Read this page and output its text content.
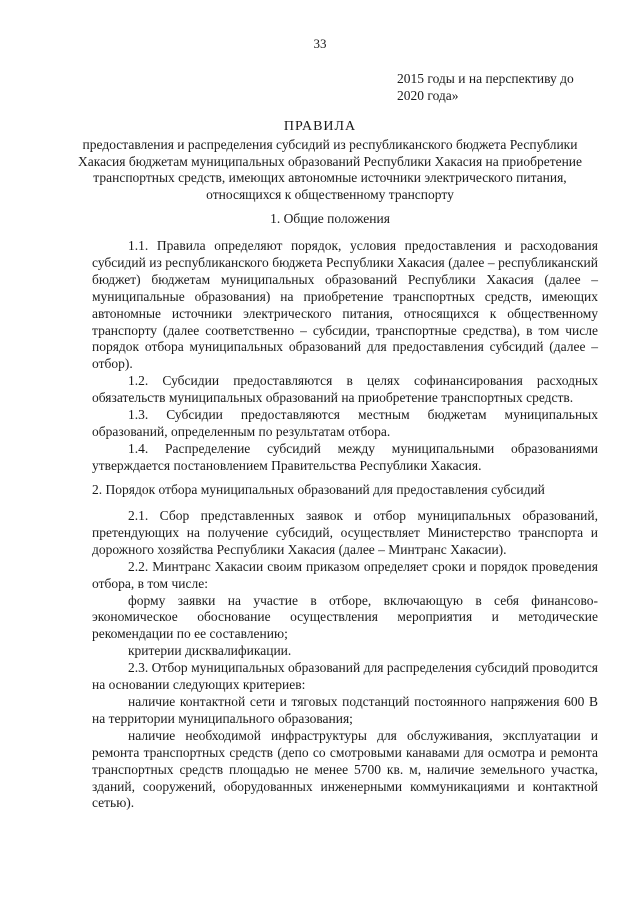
33
2015 годы и на перспективу до
2020 года»
ПРАВИЛА
предоставления и распределения субсидий из республиканского бюджета Республики Хакасия бюджетам муниципальных образований Республики Хакасия на приобретение транспортных средств, имеющих автономные источники электрического питания, относящихся к общественному транспорту
1. Общие положения

1.1. Правила определяют порядок, условия предоставления и расходования субсидий из республиканского бюджета Республики Хакасия (далее – республиканский бюджет) бюджетам муниципальных образований Республики Хакасия (далее – муниципальные образования) на приобретение транспортных средств, имеющих автономные источники электрического питания, относящихся к общественному транспорту (далее соответственно – субсидии, транспортные средства), в том числе порядок отбора муниципальных образований для предоставления субсидий (далее – отбор).

1.2. Субсидии предоставляются в целях софинансирования расходных обязательств муниципальных образований на приобретение транспортных средств.

1.3. Субсидии предоставляются местным бюджетам муниципальных образований, определенным по результатам отбора.

1.4. Распределение субсидий между муниципальными образованиями утверждается постановлением Правительства Республики Хакасия.

2. Порядок отбора муниципальных образований для предоставления субсидий

2.1. Сбор представленных заявок и отбор муниципальных образований, претендующих на получение субсидий, осуществляет Министерство транспорта и дорожного хозяйства Республики Хакасия (далее – Минтранс Хакасии).

2.2. Минтранс Хакасии своим приказом определяет сроки и порядок проведения отбора, в том числе:

форму заявки на участие в отборе, включающую в себя финансово-экономическое обоснование осуществления мероприятия и методические рекомендации по ее составлению;

критерии дисквалификации.

2.3. Отбор муниципальных образований для распределения субсидий проводится на основании следующих критериев:

наличие контактной сети и тяговых подстанций постоянного напряжения 600 В на территории муниципального образования;

наличие необходимой инфраструктуры для обслуживания, эксплуатации и ремонта транспортных средств (депо со смотровыми канавами для осмотра и ремонта транспортных средств площадью не менее 5700 кв. м, наличие земельного участка, зданий, сооружений, оборудованных инженерными коммуникациями и контактной сетью).
